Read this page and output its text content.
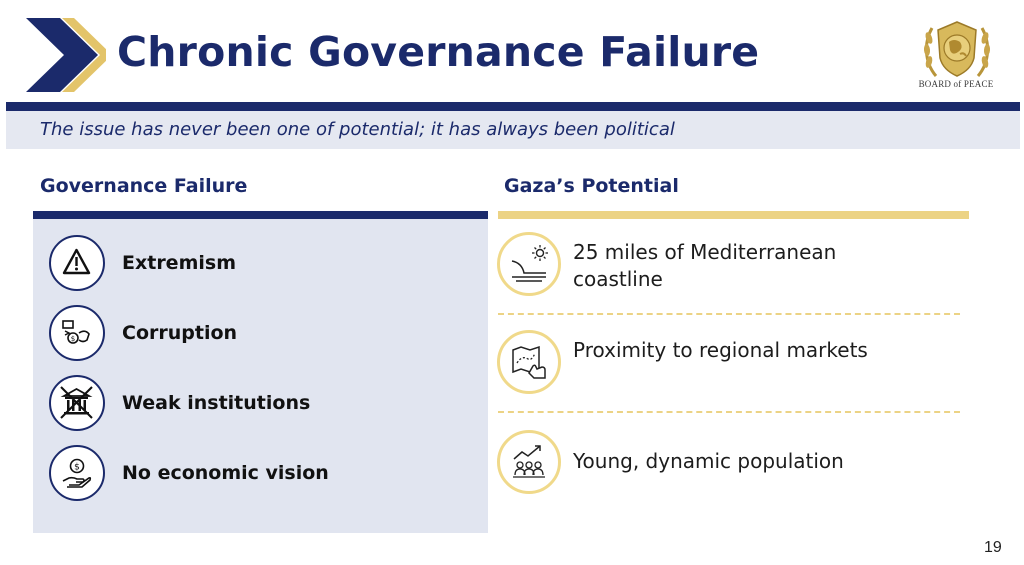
Chronic Governance Failure
BOARD of PEACE
The issue has never been one of potential; it has always been political
Governance Failure
Extremism
$ Corruption
Weak institutions
$ No economic vision
Gaza’s Potential
25 miles of Mediterranean coastline
Proximity to regional markets
Young, dynamic population
19
